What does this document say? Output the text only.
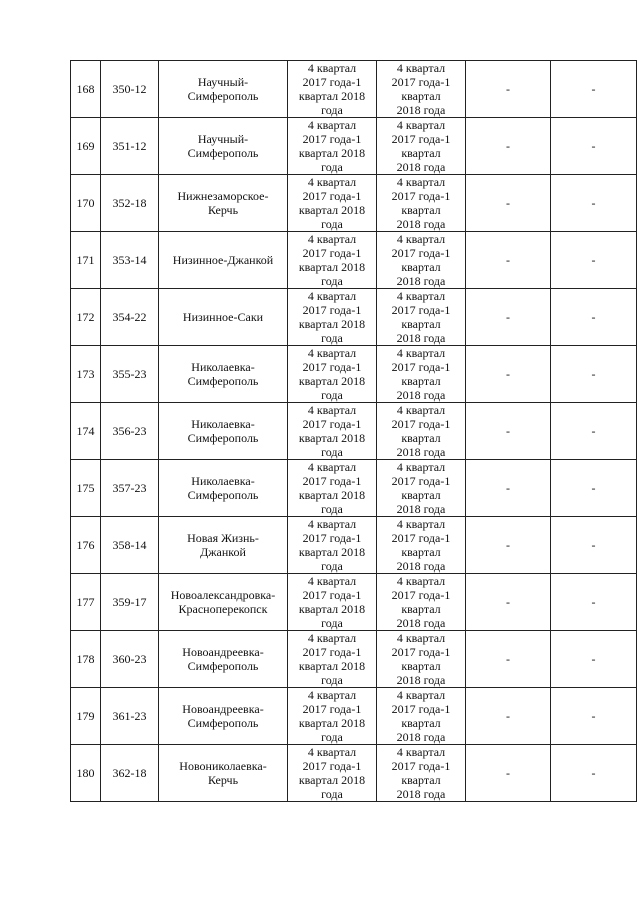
168	350-12	Научный-
Симферополь	4 квартал
2017 года-1
квартал 2018
года	4 квартал
2017 года-1
квартал
2018 года	-	-
169	351-12	Научный-
Симферополь	4 квартал
2017 года-1
квартал 2018
года	4 квартал
2017 года-1
квартал
2018 года	-	-
170	352-18	Нижнезаморское-
Керчь	4 квартал
2017 года-1
квартал 2018
года	4 квартал
2017 года-1
квартал
2018 года	-	-
171	353-14	Низинное-Джанкой	4 квартал
2017 года-1
квартал 2018
года	4 квартал
2017 года-1
квартал
2018 года	-	-
172	354-22	Низинное-Саки	4 квартал
2017 года-1
квартал 2018
года	4 квартал
2017 года-1
квартал
2018 года	-	-
173	355-23	Николаевка-
Симферополь	4 квартал
2017 года-1
квартал 2018
года	4 квартал
2017 года-1
квартал
2018 года	-	-
174	356-23	Николаевка-
Симферополь	4 квартал
2017 года-1
квартал 2018
года	4 квартал
2017 года-1
квартал
2018 года	-	-
175	357-23	Николаевка-
Симферополь	4 квартал
2017 года-1
квартал 2018
года	4 квартал
2017 года-1
квартал
2018 года	-	-
176	358-14	Новая Жизнь-
Джанкой	4 квартал
2017 года-1
квартал 2018
года	4 квартал
2017 года-1
квартал
2018 года	-	-
177	359-17	Новоалександровка-
Красноперекопск	4 квартал
2017 года-1
квартал 2018
года	4 квартал
2017 года-1
квартал
2018 года	-	-
178	360-23	Новоандреевка-
Симферополь	4 квартал
2017 года-1
квартал 2018
года	4 квартал
2017 года-1
квартал
2018 года	-	-
179	361-23	Новоандреевка-
Симферополь	4 квартал
2017 года-1
квартал 2018
года	4 квартал
2017 года-1
квартал
2018 года	-	-
180	362-18	Новониколаевка-
Керчь	4 квартал
2017 года-1
квартал 2018
года	4 квартал
2017 года-1
квартал
2018 года	-	-
